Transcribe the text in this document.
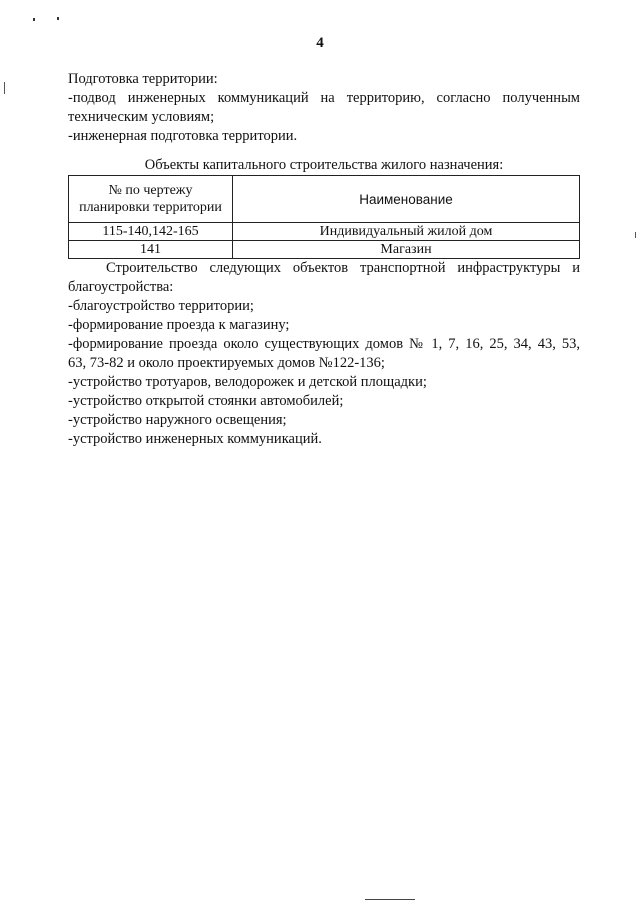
4
Подготовка территории:
-подвод инженерных коммуникаций на территорию, согласно полученным
техническим условиям;
-инженерная подготовка территории.
Объекты капитального строительства жилого назначения:
№ по чертежу планировки территории	Наименование
115-140,142-165	Индивидуальный жилой дом
141	Магазин
Строительство следующих объектов транспортной инфраструктуры и
благоустройства:
-благоустройство территории;
-формирование проезда к магазину;
-формирование проезда около существующих домов № 1, 7, 16, 25, 34, 43, 53,
63, 73-82 и около проектируемых домов №122-136;
-устройство тротуаров, велодорожек и детской площадки;
-устройство открытой стоянки автомобилей;
-устройство наружного освещения;
-устройство инженерных коммуникаций.
